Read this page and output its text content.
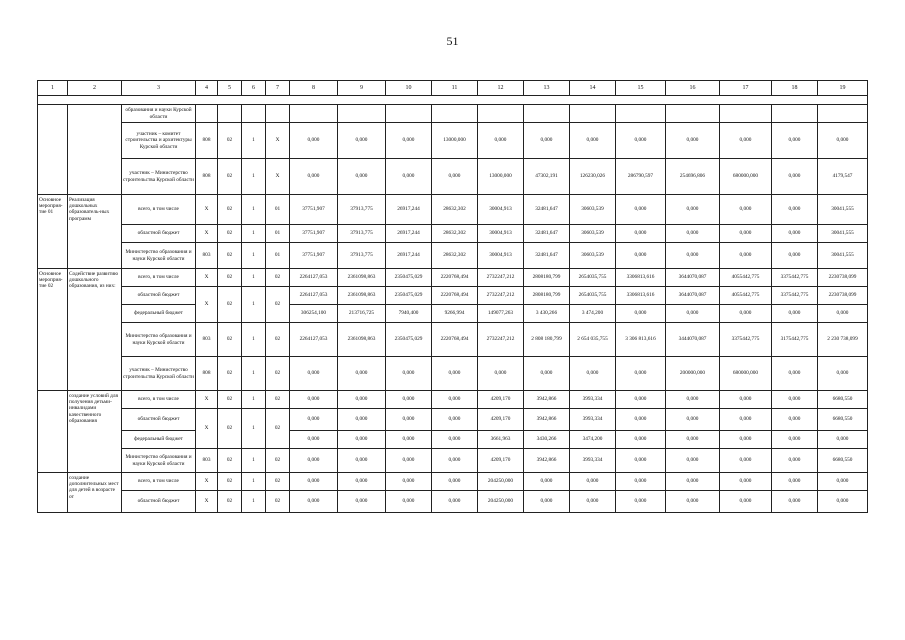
51
1	2	3	4	5	6	7	8	9	10	11	12	13	14	15	16	17	18	19

		образования и науки Курской области																
		участник – комитет строительства и архитектуры Курской области	808	02	1	Х	0,000	0,000	0,000	13000,000	0,000	0,000	0,000	0,000	0,000	0,000	0,000	0,000
		участник – Министерство строительства Курской области	808	02	1	Х	0,000	0,000	0,000	0,000	13000,000	47302,191	126230,026	286790,597	254696,806	680000,000	0,000	4179,547
Основное мероприя-тие 01	Реализация дошкольных образователь-ных программ	всего, в том числе	Х	02	1	01	37751,907	37913,775	26917,244	28632,302	30004,913	32481,647	30603,539	0,000	0,000	0,000	0,000	30041,555
		областной бюджет	Х	02	1	01	37751,907	37913,775	26917,244	28632,302	30004,913	32481,647	30603,539	0,000	0,000	0,000	0,000	30041,555
		Министерство образования и науки Курской области	803	02	1	01	37751,907	37913,775	26917,244	28632,302	30004,913	32481,647	30603,539	0,000	0,000	0,000	0,000	30041,555
Основное мероприя-тие 02	Содействие развитию дошкольного образования, из них:	всего, в том числе	Х	02	1	02	2264127,053	2361098,863	2350475,029	2220768,494	2732247,212	2808180,799	2654035,755	3306813,616	3644070,087	4055442,775	3375442,775	2230738,099
		областной бюджет	Х	02	1	02	2264127,053	2361098,863	2350475,029	2220768,494	2732247,212	2808180,799	2654035,755	3306813,616	3644070,087	4055442,775	3375442,775	2230738,099
		федеральный бюджет					306254,100	213716,725	7940,400	9266,994	149077,263	3 430,266	3 474,200	0,000	0,000	0,000	0,000	0,000
		Министерство образования и науки Курской области	803	02	1	02	2264127,053	2361098,863	2350475,029	2220768,494	2732247,212	2 808 180,799	2 654 035,755	3 306 813,616	3444070,087	3375442,775	3175442,775	2 230 738,099
		участник – Министерство строительства Курской области	808	02	1	02	0,000	0,000	0,000	0,000	0,000	0,000	0,000	0,000	200000,000	680000,000	0,000	0,000
	создание условий для получения детьми-инвалидами качественного образования	всего, в том числе	Х	02	1	02	0,000	0,000	0,000	0,000	4209,170	3942,866	3993,334	0,000	0,000	0,000	0,000	6680,550
		областной бюджет	Х	02	1	02	0,000	0,000	0,000	0,000	4209,170	3942,866	3993,334	0,000	0,000	0,000	0,000	6680,550
		федеральный бюджет					0,000	0,000	0,000	0,000	3661,963	3430,266	3474,200	0,000	0,000	0,000	0,000	0,000
		Министерство образования и науки Курской области	803	02	1	02	0,000	0,000	0,000	0,000	4209,170	3942,866	3993,334	0,000	0,000	0,000	0,000	6680,550
	создание дополнительных мест для детей в возрасте от	всего, в том числе	Х	02	1	02	0,000	0,000	0,000	0,000	204250,000	0,000	0,000	0,000	0,000	0,000	0,000	0,000
		областной бюджет	Х	02	1	02	0,000	0,000	0,000	0,000	204250,000	0,000	0,000	0,000	0,000	0,000	0,000	0,000
